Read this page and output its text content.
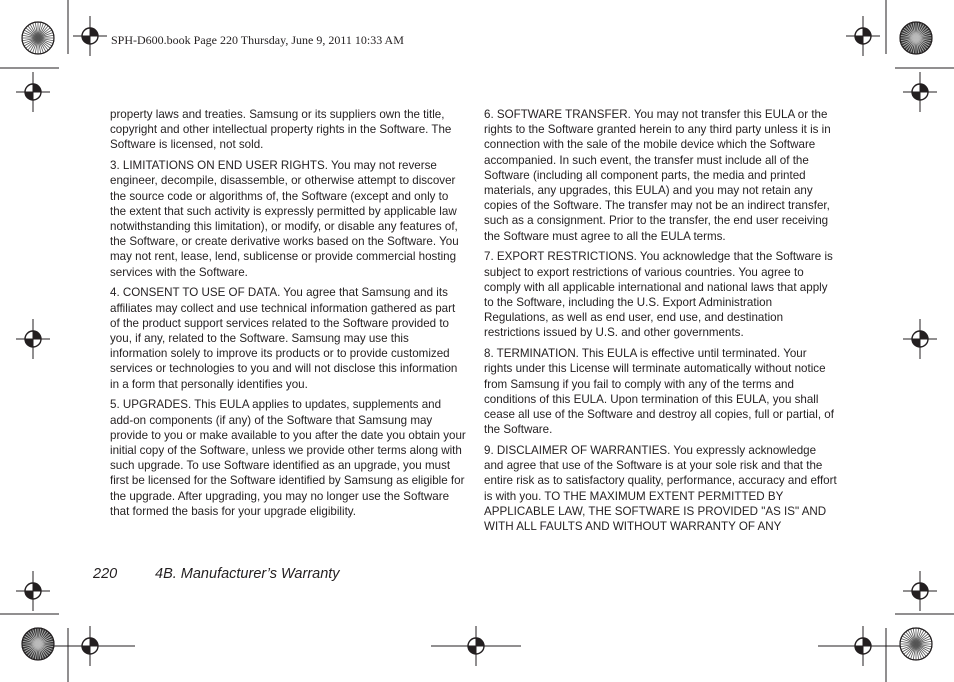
SPH-D600.book Page 220 Thursday, June 9, 2011 10:33 AM

property laws and treaties. Samsung or its suppliers own the title, copyright and other intellectual property rights in the Software. The Software is licensed, not sold.

3. LIMITATIONS ON END USER RIGHTS. You may not reverse engineer, decompile, disassemble, or otherwise attempt to discover the source code or algorithms of, the Software (except and only to the extent that such activity is expressly permitted by applicable law notwithstanding this limitation), or modify, or disable any features of, the Software, or create derivative works based on the Software. You may not rent, lease, lend, sublicense or provide commercial hosting services with the Software.

4. CONSENT TO USE OF DATA. You agree that Samsung and its affiliates may collect and use technical information gathered as part of the product support services related to the Software provided to you, if any, related to the Software. Samsung may use this information solely to improve its products or to provide customized services or technologies to you and will not disclose this information in a form that personally identifies you.

5. UPGRADES. This EULA applies to updates, supplements and add-on components (if any) of the Software that Samsung may provide to you or make available to you after the date you obtain your initial copy of the Software, unless we provide other terms along with such upgrade. To use Software identified as an upgrade, you must first be licensed for the Software identified by Samsung as eligible for the upgrade. After upgrading, you may no longer use the Software that formed the basis for your upgrade eligibility.

6. SOFTWARE TRANSFER. You may not transfer this EULA or the rights to the Software granted herein to any third party unless it is in connection with the sale of the mobile device which the Software accompanied. In such event, the transfer must include all of the Software (including all component parts, the media and printed materials, any upgrades, this EULA) and you may not retain any copies of the Software. The transfer may not be an indirect transfer, such as a consignment. Prior to the transfer, the end user receiving the Software must agree to all the EULA terms.

7. EXPORT RESTRICTIONS. You acknowledge that the Software is subject to export restrictions of various countries. You agree to comply with all applicable international and national laws that apply to the Software, including the U.S. Export Administration Regulations, as well as end user, end use, and destination restrictions issued by U.S. and other governments.

8. TERMINATION. This EULA is effective until terminated. Your rights under this License will terminate automatically without notice from Samsung if you fail to comply with any of the terms and conditions of this EULA. Upon termination of this EULA, you shall cease all use of the Software and destroy all copies, full or partial, of the Software.

9. DISCLAIMER OF WARRANTIES. You expressly acknowledge and agree that use of the Software is at your sole risk and that the entire risk as to satisfactory quality, performance, accuracy and effort is with you. TO THE MAXIMUM EXTENT PERMITTED BY APPLICABLE LAW, THE SOFTWARE IS PROVIDED "AS IS" AND WITH ALL FAULTS AND WITHOUT WARRANTY OF ANY

220	4B. Manufacturer’s Warranty
